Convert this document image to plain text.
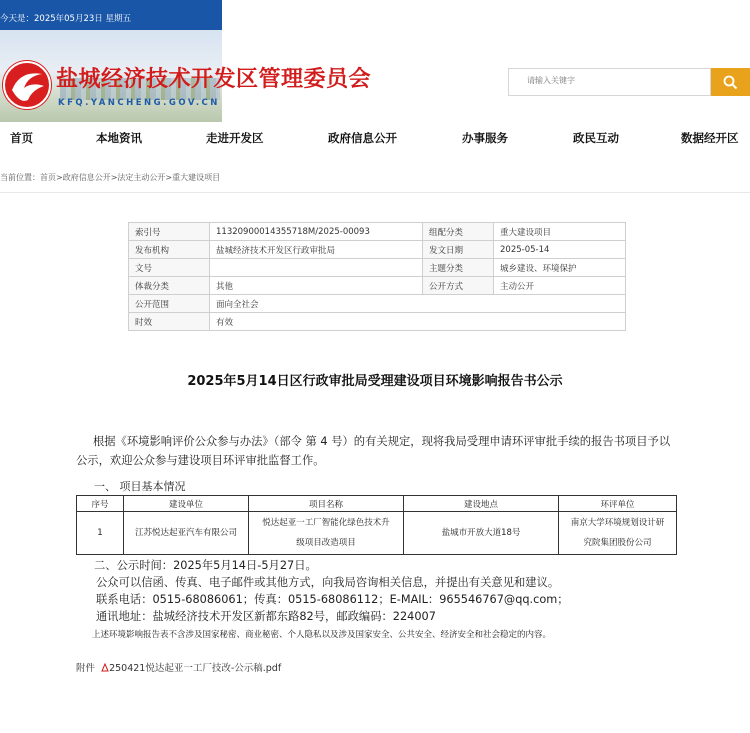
今天是：2025年05月23日 星期五
盐城经济技术开发区管理委员会
KFQ.YANCHENG.GOV.CN
请输入关键字
首页	本地资讯	走进开发区	政府信息公开	办事服务	政民互动	数据经开区
当前位置：首页>政府信息公开>法定主动公开>重大建设项目
索引号	11320900014355718M/2025-00093	组配分类	重大建设项目
发布机构	盐城经济技术开发区行政审批局	发文日期	2025-05-14
文号		主题分类	城乡建设、环境保护
体裁分类	其他	公开方式	主动公开
公开范围	面向全社会		
时效	有效		
2025年5月14日区行政审批局受理建设项目环境影响报告书公示
  根据《环境影响评价公众参与办法》（部令 第 4 号）的有关规定，现将我局受理申请环评审批手续的报告书项目予以公示，欢迎公众参与建设项目环评审批监督工作。
一、 项目基本情况
序号	建设单位	项目名称	建设地点	环评单位
1	江苏悦达起亚汽车有限公司	悦达起亚一工厂智能化绿色技术升级项目改造项目	盐城市开放大道18号	南京大学环境规划设计研究院集团股份公司
二、公示时间：2025年5月14日-5月27日。
公众可以信函、传真、电子邮件或其他方式，向我局咨询相关信息，并提出有关意见和建议。
联系电话：0515-68086061；传真：0515-68086112；E-MAIL：965546767@qq.com；
通讯地址：盐城经济技术开发区新都东路82号，邮政编码：224007
上述环境影响报告表不含涉及国家秘密、商业秘密、个人隐私以及涉及国家安全、公共安全、经济安全和社会稳定的内容。
附件 250421悦达起亚一工厂技改-公示稿.pdf
